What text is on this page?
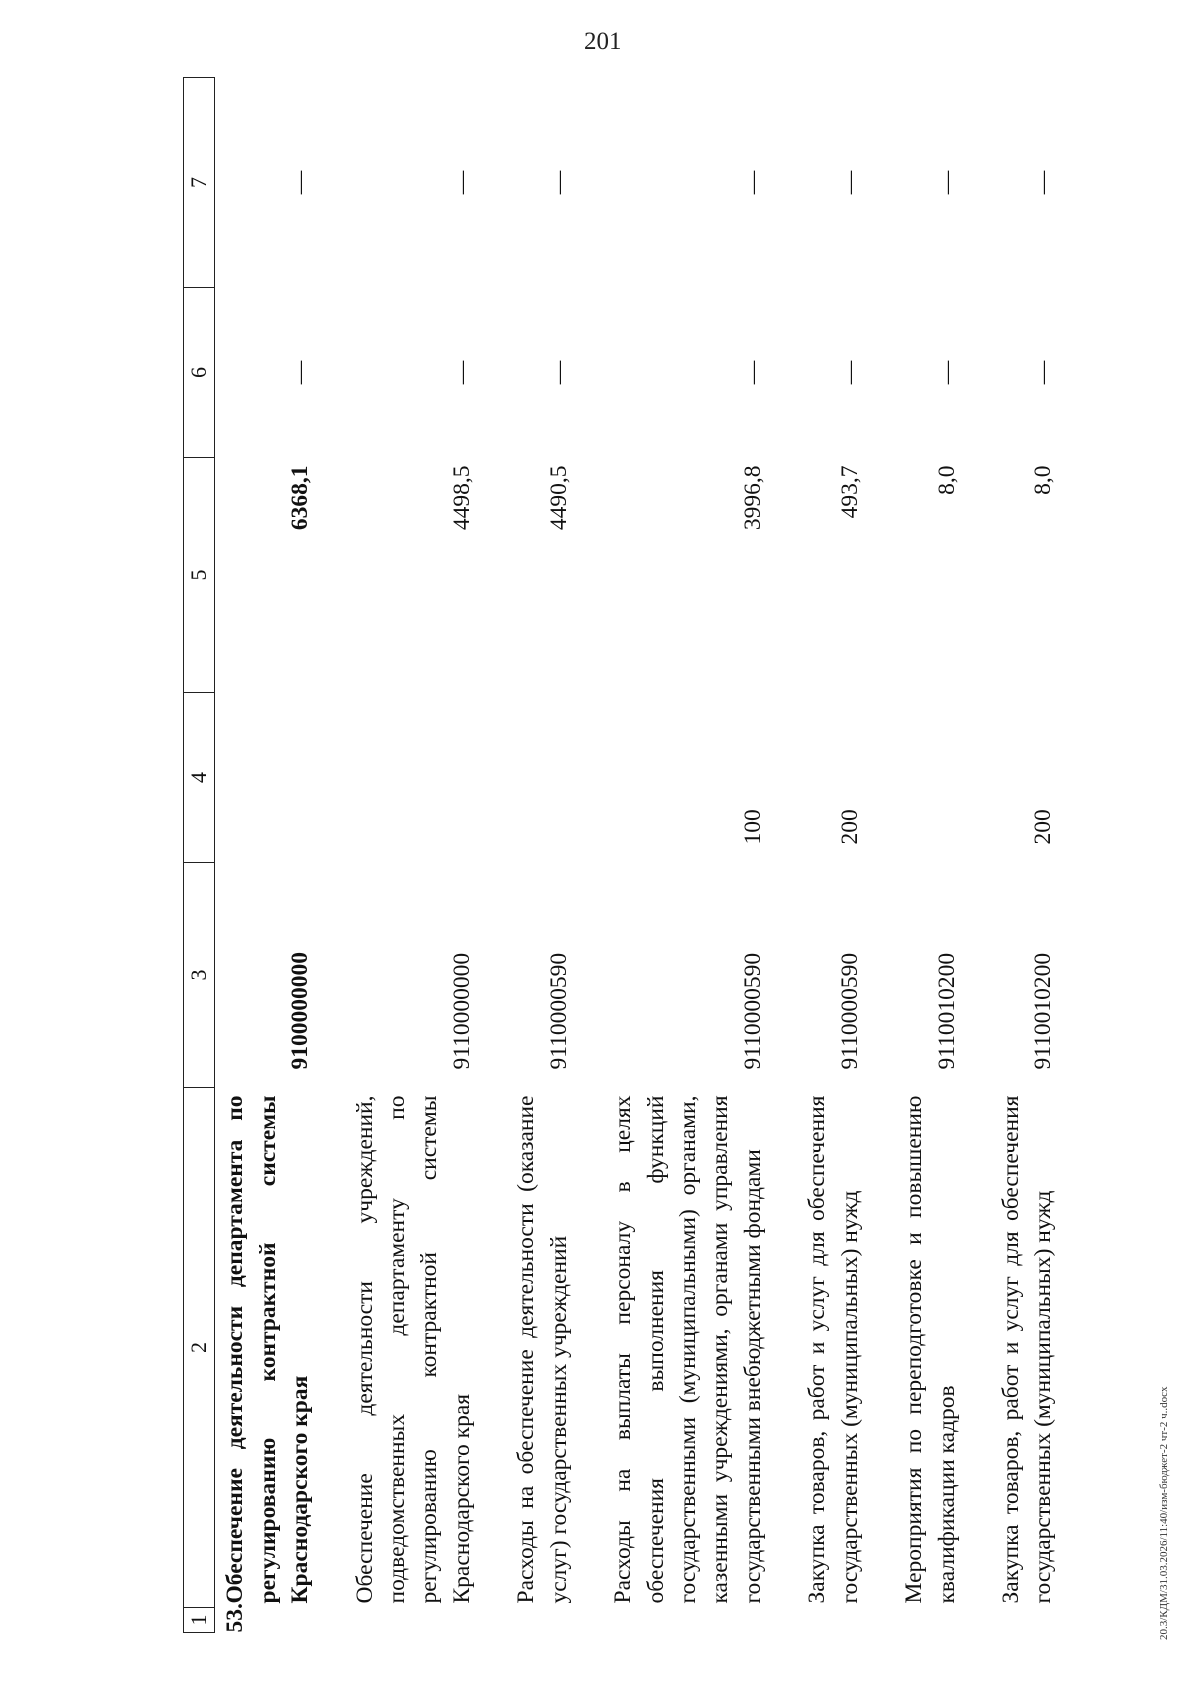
201
1	2	3	4	5	6	7
53.	Обеспечение деятельности департамента по регулированию контрактной системы Краснодарского края	9100000000		6368,1	—	—

	Обеспечение деятельности учреждений, подведомственных департаменту по регулированию контрактной системы Краснодарского края	9110000000		4498,5	—	—

	Расходы на обеспечение деятельности (оказание услуг) государственных учреждений	9110000590		4490,5	—	—

	Расходы на выплаты персоналу в целях обеспечения выполнения функций государственными (муниципальными) органами, казенными учреждениями, органами управления государственными внебюджетными фондами	9110000590	100	3996,8	—	—

	Закупка товаров, работ и услуг для обеспечения государственных (муниципальных) нужд	9110000590	200	493,7	—	—

	Мероприятия по переподготовке и повышению квалификации кадров	9110010200		8,0	—	—

	Закупка товаров, работ и услуг для обеспечения государственных (муниципальных) нужд	9110010200	200	8,0	—	—
20.3/КДМ/31.03.2026/11:40/изм-бюджет-2 чт-2 ч..docx
